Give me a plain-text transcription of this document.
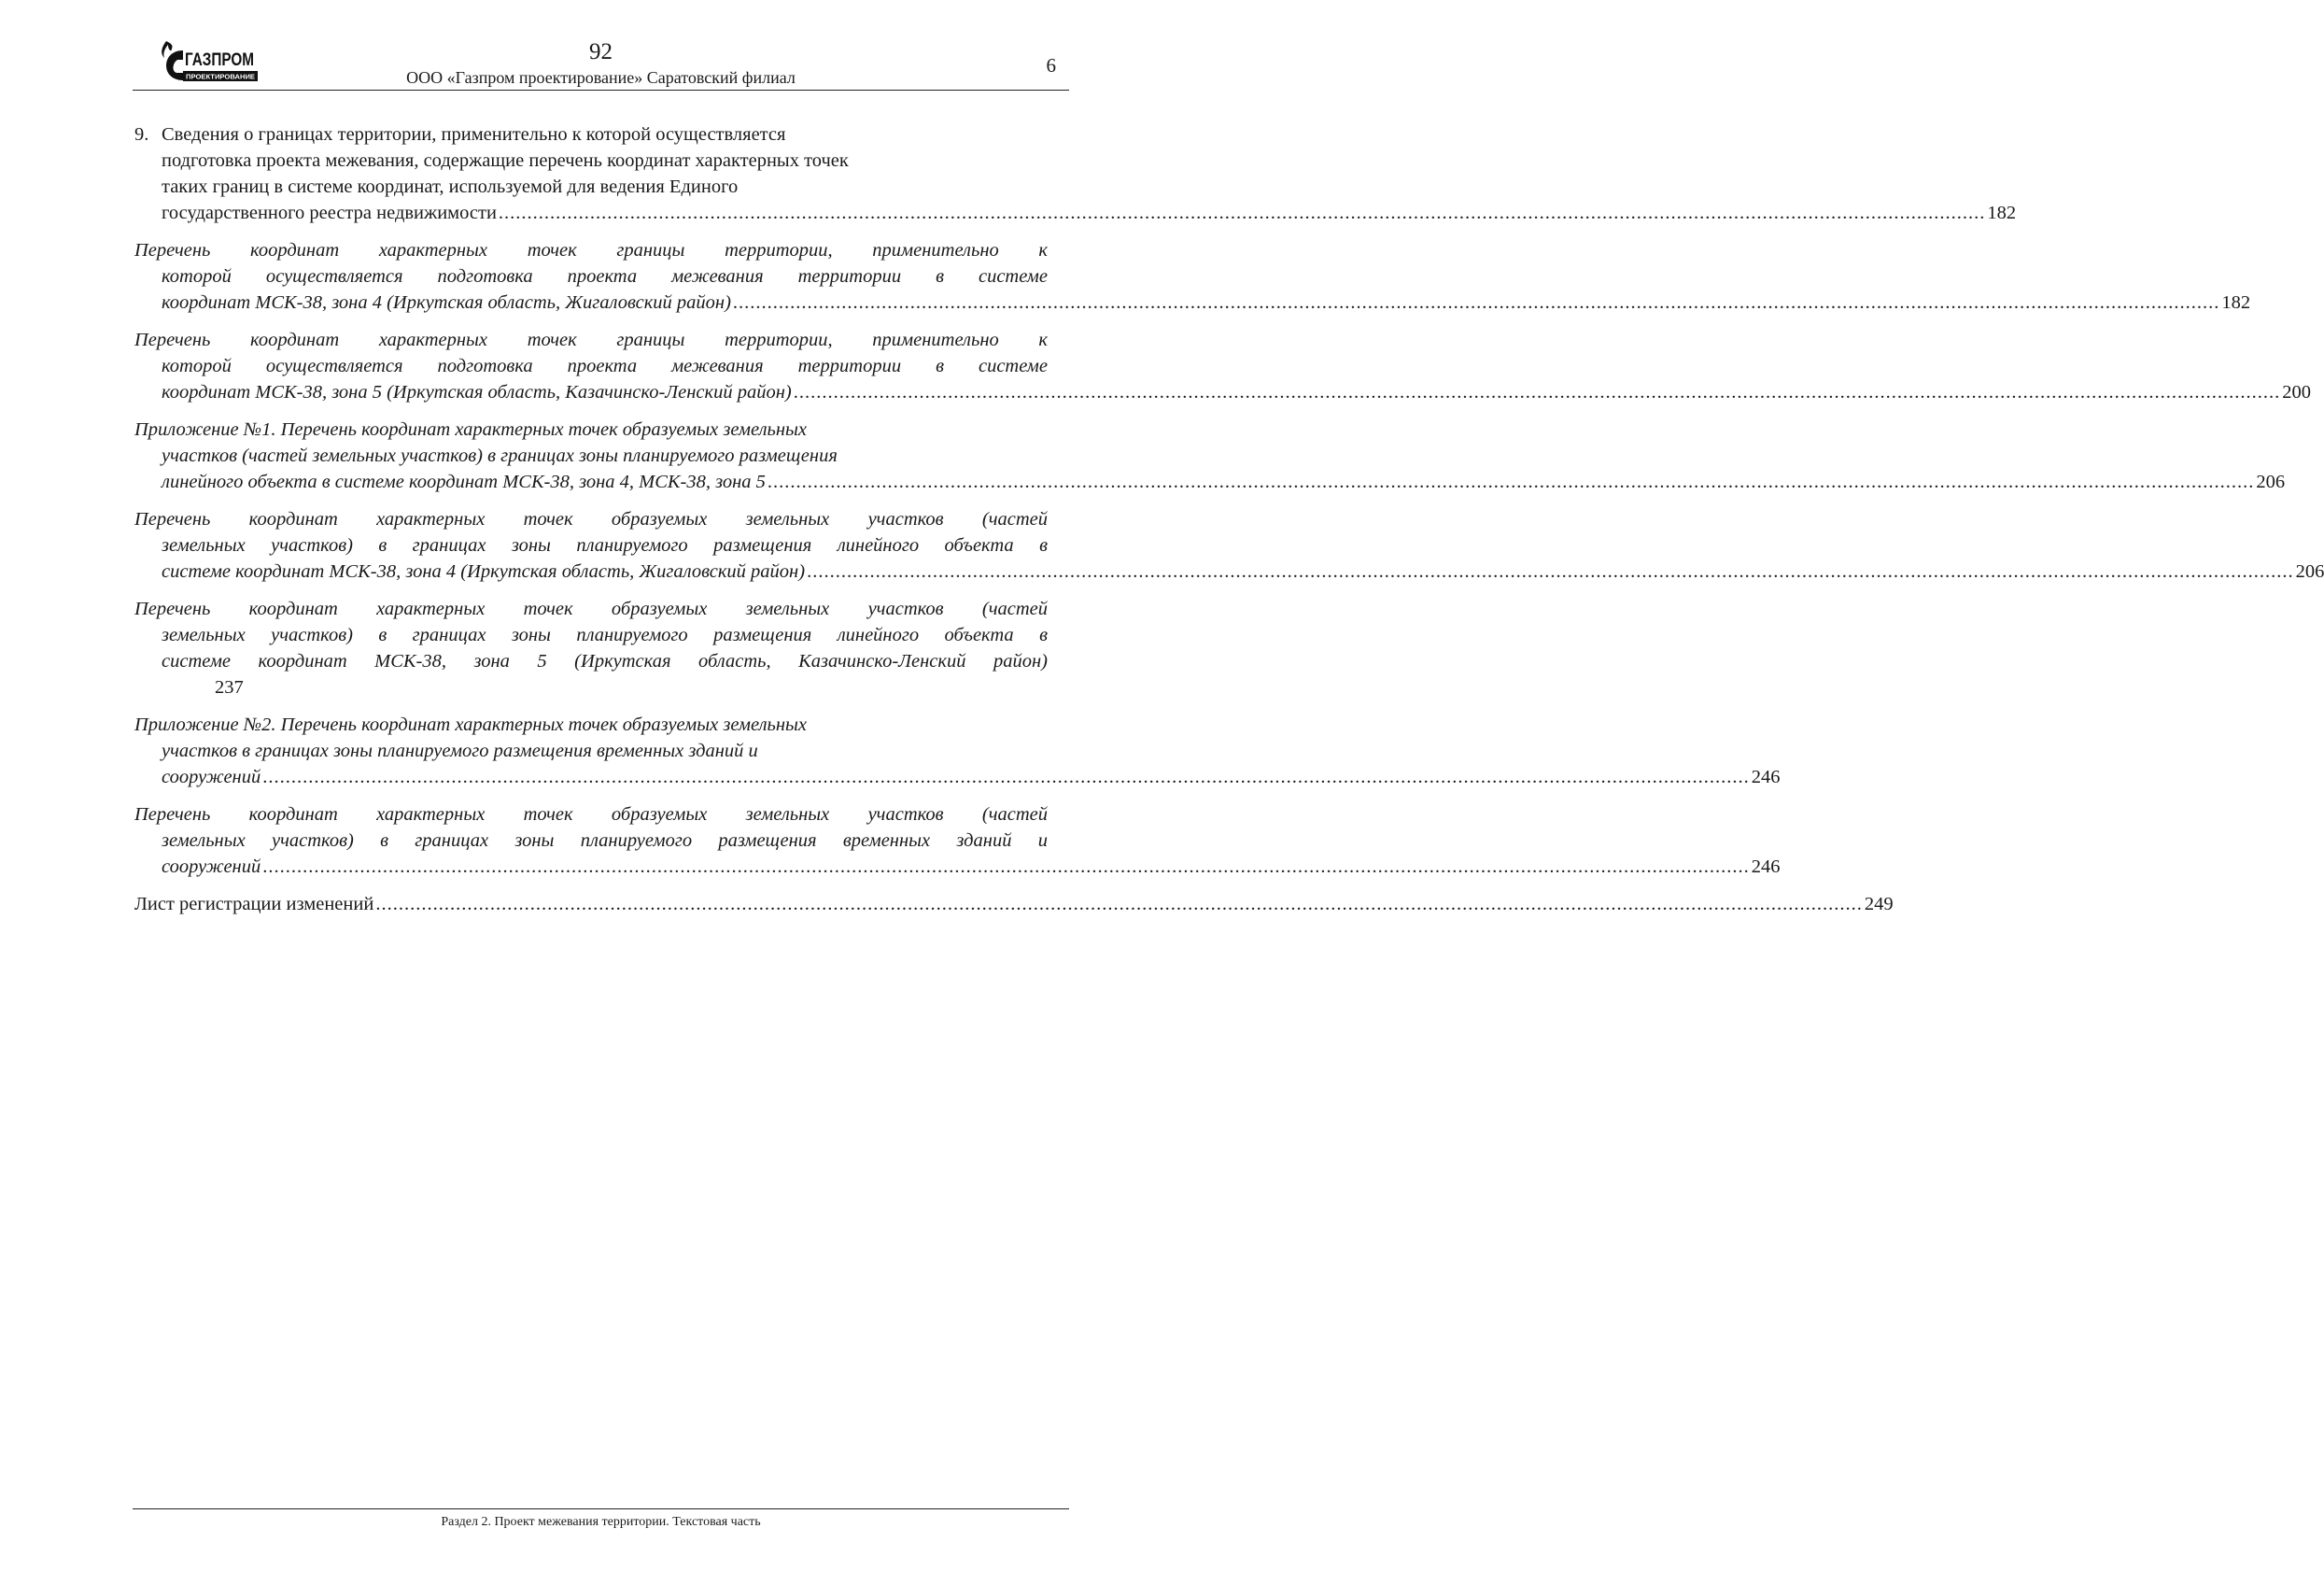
ГАЗПРОМ
ПРОЕКТИРОВАНИЕ
92
ООО «Газпром проектирование» Саратовский филиал
6
9. Сведения о границах территории, применительно к которой осуществляется
подготовка проекта межевания, содержащие перечень координат характерных точек
таких границ в системе координат, используемой для ведения Единого
государственного реестра недвижимости .....	182
Перечень координат характерных точек границы территории, применительно к
которой осуществляется подготовка проекта межевания территории в системе
координат МСК-38, зона 4 (Иркутская область, Жигаловский район) .....	182
Перечень координат характерных точек границы территории, применительно к
которой осуществляется подготовка проекта межевания территории в системе
координат МСК-38, зона 5 (Иркутская область, Казачинско-Ленский район) .....	200
Приложение №1. Перечень координат характерных точек образуемых земельных
участков (частей земельных участков) в границах зоны планируемого размещения
линейного объекта в системе координат МСК-38, зона 4, МСК-38, зона 5 .....	206
Перечень координат характерных точек образуемых земельных участков (частей
земельных участков) в границах зоны планируемого размещения линейного объекта в
системе координат МСК-38, зона 4 (Иркутская область, Жигаловский район) .....	206
Перечень координат характерных точек образуемых земельных участков (частей
земельных участков) в границах зоны планируемого размещения линейного объекта в
системе координат МСК-38, зона 5 (Иркутская область, Казачинско-Ленский район)
237
Приложение №2. Перечень координат характерных точек образуемых земельных
участков в границах зоны планируемого размещения временных зданий и
сооружений .....	246
Перечень координат характерных точек образуемых земельных участков (частей
земельных участков) в границах зоны планируемого размещения временных зданий и
сооружений .....	246
Лист регистрации изменений .....	249
Раздел 2. Проект межевания территории. Текстовая часть
